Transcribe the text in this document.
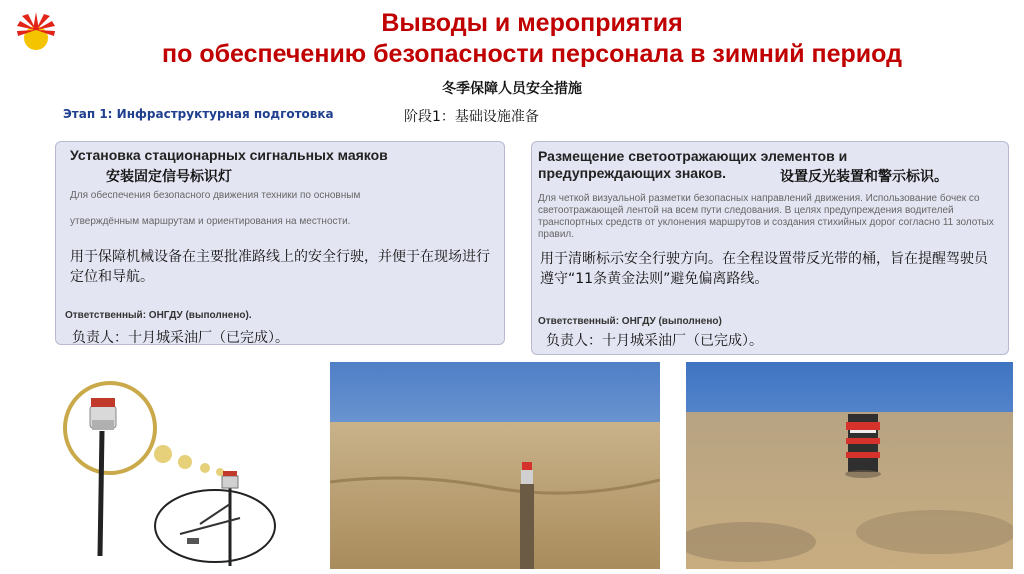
Выводы и мероприятия
по обеспечению безопасности персонала в зимний период
冬季保障人员安全措施
Этап 1: Инфраструктурная подготовка	阶段1：基础设施准备
Установка стационарных сигнальных маяков
安装固定信号标识灯
Для обеспечения безопасного движения техники по основным
утверждённым маршрутам и ориентирования на местности.
用于保障机械设备在主要批准路线上的安全行驶，并便于在现场进行定位和导航。
Ответственный: ОНГДУ (выполнено).
负责人：十月城采油厂（已完成）。
Размещение светоотражающих элементов и
предупреждающих знаков.	设置反光装置和警示标识。
Для четкой визуальной разметки безопасных направлений движения. Использование бочек со светоотражающей лентой на всем пути следования. В целях предупреждения водителей транспортных средств от уклонения маршрутов и создания стихийных дорог согласно 11 золотых правил.
用于清晰标示安全行驶方向。在全程设置带反光带的桶，旨在提醒驾驶员遵守“11条黄金法则”避免偏离路线。
Ответственный: ОНГДУ (выполнено)
负责人：十月城采油厂（已完成）。
